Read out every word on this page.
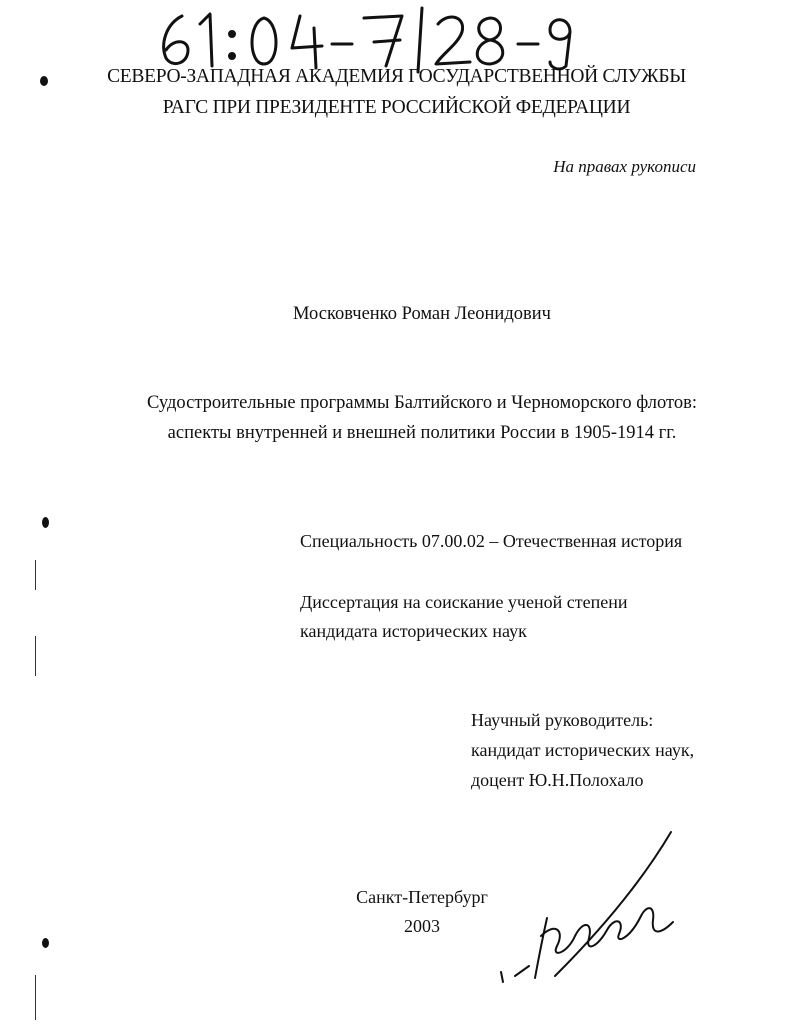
СЕВЕРО-ЗАПАДНАЯ АКАДЕМИЯ ГОСУДАРСТВЕННОЙ СЛУЖБЫ
РАГС ПРИ ПРЕЗИДЕНТЕ РОССИЙСКОЙ ФЕДЕРАЦИИ
На правах рукописи
Московченко Роман Леонидович
Судостроительные программы Балтийского и Черноморского флотов:
аспекты внутренней и внешней политики России в 1905-1914 гг.
Специальность 07.00.02 – Отечественная история
Диссертация на соискание ученой степени
кандидата исторических наук
Научный руководитель:
кандидат исторических наук,
доцент Ю.Н.Полохало
Санкт-Петербург
2003
